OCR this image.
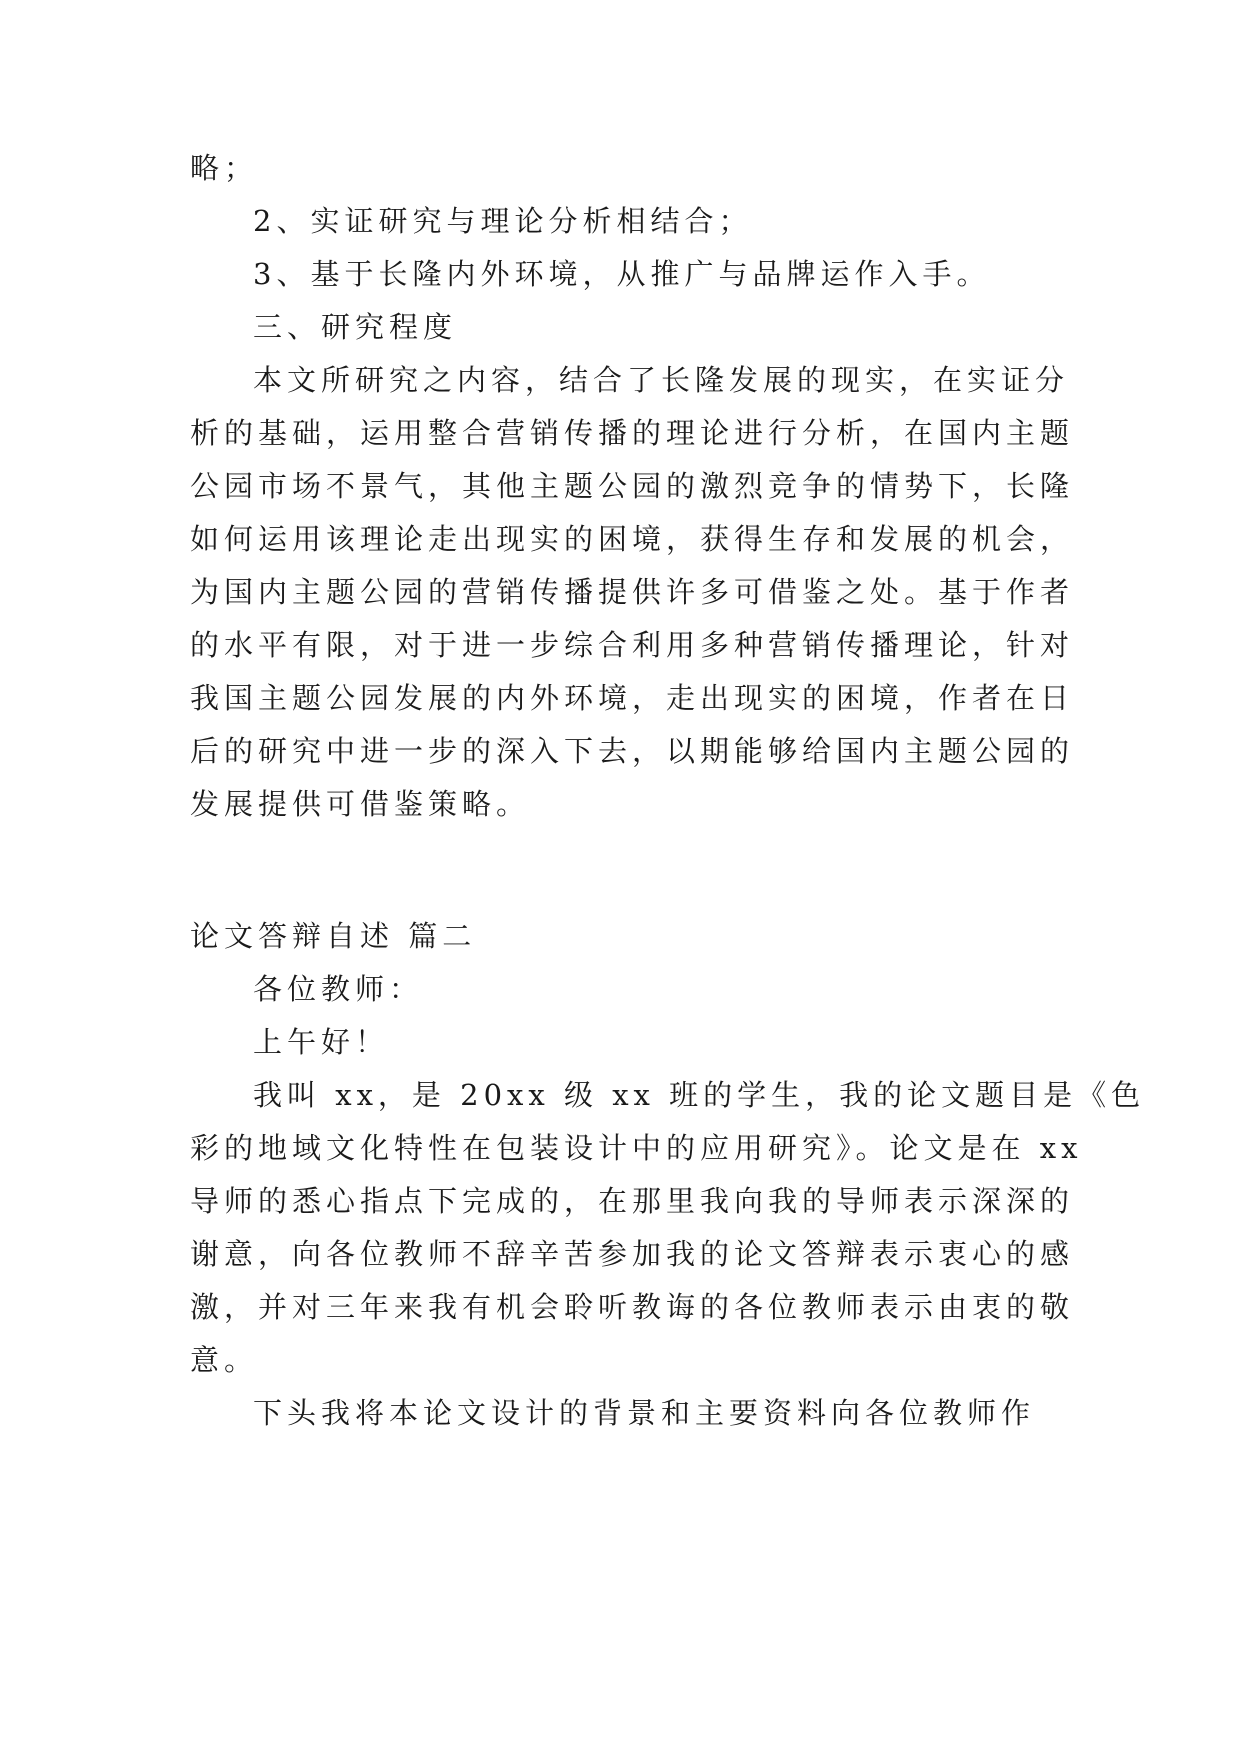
略；
2、实证研究与理论分析相结合；
3、基于长隆内外环境，从推广与品牌运作入手。
三、研究程度
本文所研究之内容，结合了长隆发展的现实，在实证分
析的基础，运用整合营销传播的理论进行分析，在国内主题
公园市场不景气，其他主题公园的激烈竞争的情势下，长隆
如何运用该理论走出现实的困境，获得生存和发展的机会，
为国内主题公园的营销传播提供许多可借鉴之处。基于作者
的水平有限，对于进一步综合利用多种营销传播理论，针对
我国主题公园发展的内外环境，走出现实的困境，作者在日
后的研究中进一步的深入下去，以期能够给国内主题公园的
发展提供可借鉴策略。
论文答辩自述 篇二
各位教师：
上午好！
我叫 xx，是 20xx 级 xx 班的学生，我的论文题目是《色
彩的地域文化特性在包装设计中的应用研究》。论文是在 xx
导师的悉心指点下完成的，在那里我向我的导师表示深深的
谢意，向各位教师不辞辛苦参加我的论文答辩表示衷心的感
激，并对三年来我有机会聆听教诲的各位教师表示由衷的敬
意。
下头我将本论文设计的背景和主要资料向各位教师作
